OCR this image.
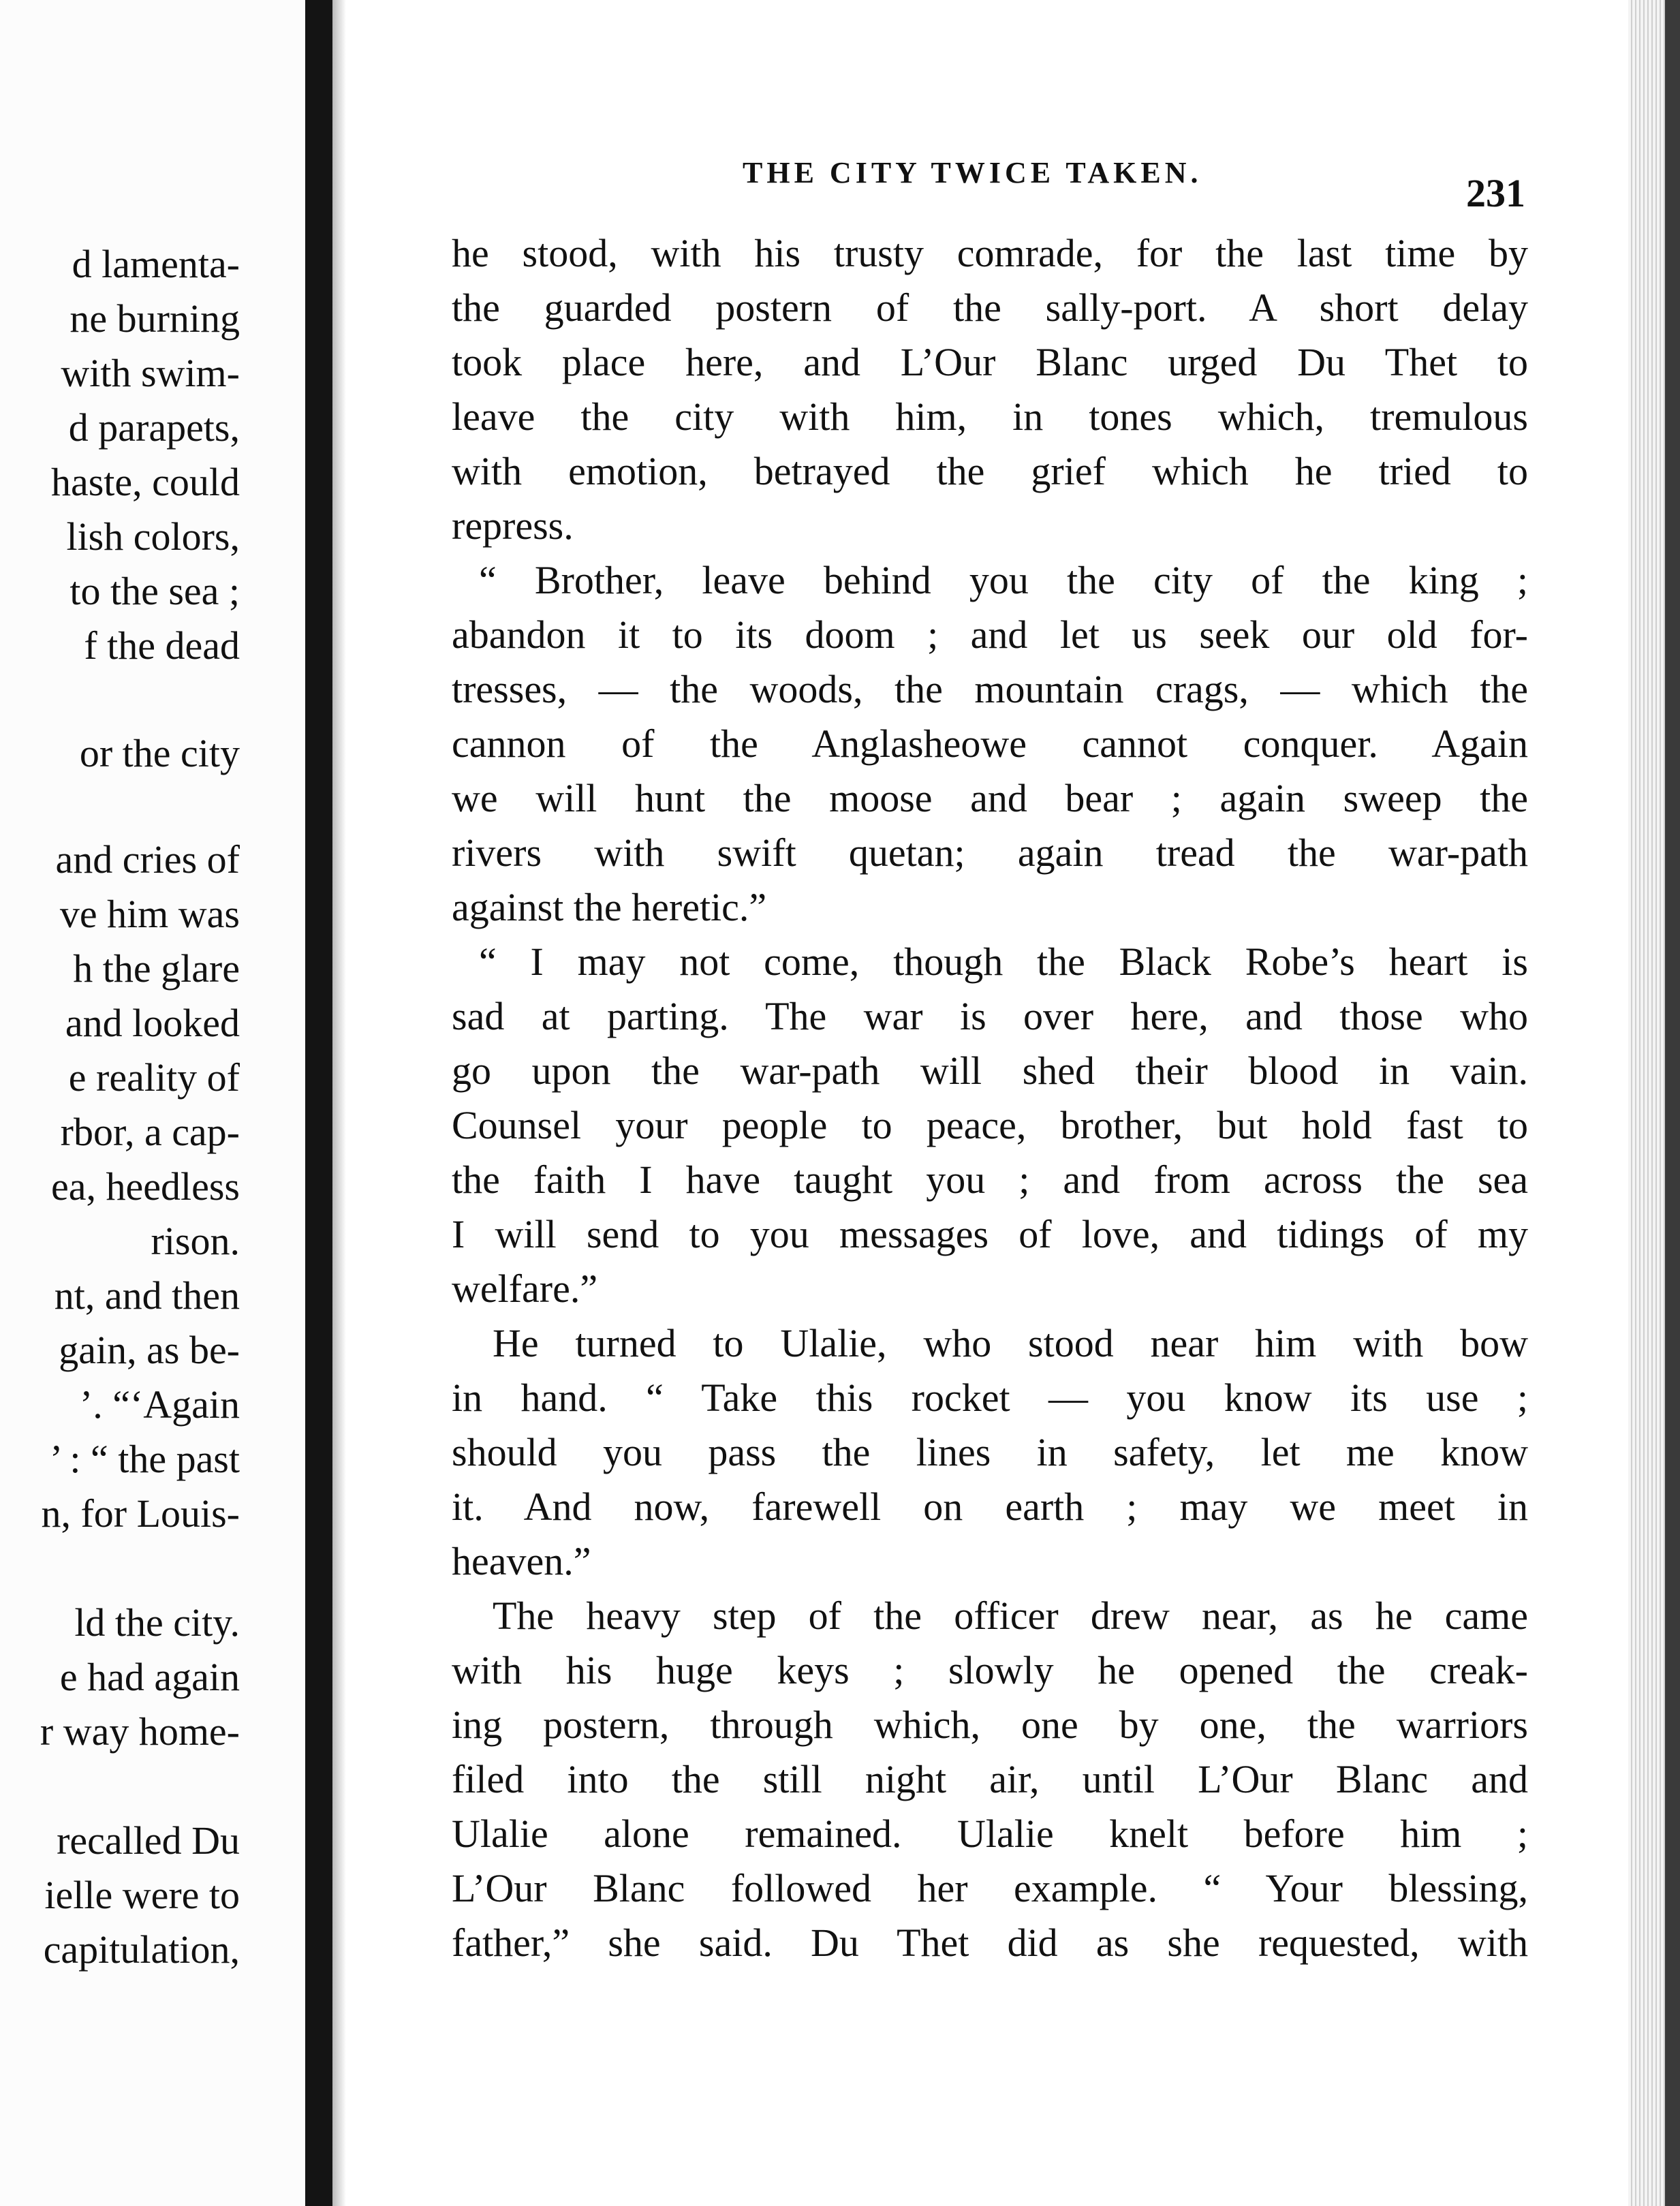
d lamenta-

ne burning

with swim-

d parapets,

haste, could

lish colors,

to the sea ;

f the dead

or the city

and cries of

ve him was

h the glare

and looked

e reality of

rbor, a cap-

ea, heedless

rison.

nt, and then

gain, as be-

’. “‘Again

’ : “ the past

n, for Louis-

ld the city.

e had again

r way home-

recalled Du

ielle were to

capitulation,

THE CITY TWICE TAKEN.	231

he stood, with his trusty comrade, for the last time by

the guarded postern of the sally-port. A short delay

took place here, and L’Our Blanc urged Du Thet to

leave the city with him, in tones which, tremulous

with emotion, betrayed the grief which he tried to

repress.

“ Brother, leave behind you the city of the king ;

abandon it to its doom ; and let us seek our old for-

tresses, — the woods, the mountain crags, — which the

cannon of the Anglasheowe cannot conquer. Again

we will hunt the moose and bear ; again sweep the

rivers with swift quetan; again tread the war-path

against the heretic.”

“ I may not come, though the Black Robe’s heart is

sad at parting. The war is over here, and those who

go upon the war-path will shed their blood in vain.

Counsel your people to peace, brother, but hold fast to

the faith I have taught you ; and from across the sea

I will send to you messages of love, and tidings of my

welfare.”

He turned to Ulalie, who stood near him with bow

in hand. “ Take this rocket — you know its use ;

should you pass the lines in safety, let me know

it. And now, farewell on earth ; may we meet in

heaven.”

The heavy step of the officer drew near, as he came

with his huge keys ; slowly he opened the creak-

ing postern, through which, one by one, the warriors

filed into the still night air, until L’Our Blanc and

Ulalie alone remained. Ulalie knelt before him ;

L’Our Blanc followed her example. “ Your blessing,

father,” she said. Du Thet did as she requested, with
